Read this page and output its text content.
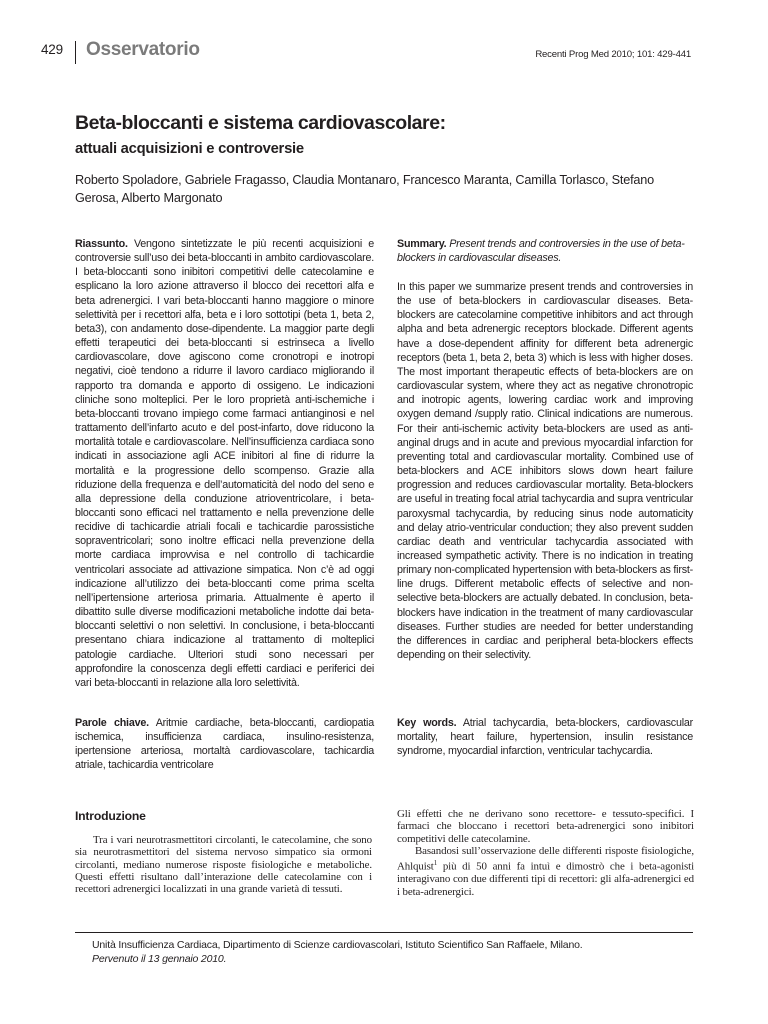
429 Osservatorio	Recenti Prog Med 2010; 101: 429-441
Beta-bloccanti e sistema cardiovascolare:
attuali acquisizioni e controversie
Roberto Spoladore, Gabriele Fragasso, Claudia Montanaro, Francesco Maranta, Camilla Torlasco, Stefano Gerosa, Alberto Margonato
Riassunto. Vengono sintetizzate le più recenti acquisizioni e controversie sull’uso dei beta-bloccanti in ambito cardiovascolare. I beta-bloccanti sono inibitori competitivi delle catecolamine e esplicano la loro azione attraverso il blocco dei recettori alfa e beta adrenergici. I vari beta-bloccanti hanno maggiore o minore selettività per i recettori alfa, beta e i loro sottotipi (beta 1, beta 2, beta3), con andamento dose-dipendente. La maggior parte degli effetti terapeutici dei beta-bloccanti si estrinseca a livello cardiovascolare, dove agiscono come cronotropi e inotropi negativi, cioè tendono a ridurre il lavoro cardiaco migliorando il rapporto tra domanda e apporto di ossigeno. Le indicazioni cliniche sono molteplici. Per le loro proprietà anti-ischemiche i beta-bloccanti trovano impiego come farmaci antianginosi e nel trattamento dell’infarto acuto e del post-infarto, dove riducono la mortalità totale e cardiovascolare. Nell’insufficienza cardiaca sono indicati in associazione agli ACE inibitori al fine di ridurre la mortalità e la progressione dello scompenso. Grazie alla riduzione della frequenza e dell’automaticità del nodo del seno e alla depressione della conduzione atrioventricolare, i beta-bloccanti sono efficaci nel trattamento e nella prevenzione delle recidive di tachicardie atriali focali e tachicardie parossistiche sopraventricolari; sono inoltre efficaci nella prevenzione della morte cardiaca improvvisa e nel controllo di tachicardie ventricolari associate ad attivazione simpatica. Non c’è ad oggi indicazione all’utilizzo dei beta-bloccanti come prima scelta nell’ipertensione arteriosa primaria. Attualmente è aperto il dibattito sulle diverse modificazioni metaboliche indotte dai beta-bloccanti selettivi o non selettivi. In conclusione, i beta-bloccanti presentano chiara indicazione al trattamento di molteplici patologie cardiache. Ulteriori studi sono necessari per approfondire la conoscenza degli effetti cardiaci e periferici dei vari beta-bloccanti in relazione alla loro selettività.
Summary. Present trends and controversies in the use of beta-blockers in cardiovascular diseases.
In this paper we summarize present trends and controversies in the use of beta-blockers in cardiovascular diseases. Beta-blockers are catecolamine competitive inhibitors and act through alpha and beta adrenergic receptors blockade. Different agents have a dose-dependent affinity for different beta adrenergic receptors (beta 1, beta 2, beta 3) which is less with higher doses. The most important therapeutic effects of beta-blockers are on cardiovascular system, where they act as negative chronotropic and inotropic agents, lowering cardiac work and improving oxygen demand /supply ratio. Clinical indications are numerous. For their anti-ischemic activity beta-blockers are used as anti-anginal drugs and in acute and previous myocardial infarction for preventing total and cardiovascular mortality. Combined use of beta-blockers and ACE inhibitors slows down heart failure progression and reduces cardiovascular mortality. Beta-blockers are useful in treating focal atrial tachycardia and supra ventricular paroxysmal tachycardia, by reducing sinus node automaticity and delay atrio-ventricular conduction; they also prevent sudden cardiac death and ventricular tachycardia associated with increased sympathetic activity. There is no indication in treating primary non-complicated hypertension with beta-blockers as first-line drugs. Different metabolic effects of selective and non-selective beta-blockers are actually debated. In conclusion, beta-blockers have indication in the treatment of many cardiovascular diseases. Further studies are needed for better understanding the differences in cardiac and peripheral beta-blockers effects depending on their selectivity.
Parole chiave. Aritmie cardiache, beta-bloccanti, cardiopatia ischemica, insufficienza cardiaca, insulino-resistenza, ipertensione arteriosa, mortaltà cardiovascolare, tachicardia atriale, tachicardia ventricolare
Key words. Atrial tachycardia, beta-blockers, cardiovascular mortality, heart failure, hypertension, insulin resistance syndrome, myocardial infarction, ventricular tachycardia.
Introduzione
Tra i vari neurotrasmettitori circolanti, le catecolamine, che sono sia neurotrasmettitori del sistema nervoso simpatico sia ormoni circolanti, mediano numerose risposte fisiologiche e metaboliche. Questi effetti risultano dall’interazione delle catecolamine con i recettori adrenergici localizzati in una grande varietà di tessuti.

Gli effetti che ne derivano sono recettore- e tessuto-specifici. I farmaci che bloccano i recettori beta-adrenergici sono inibitori competitivi delle catecolamine.

Basandosi sull’osservazione delle differenti risposte fisiologiche, Ahlquist$^1$ più di 50 anni fa intuì e dimostrò che i beta-agonisti interagivano con due differenti tipi di recettori: gli alfa-adrenergici ed i beta-adrenergici.

Unità Insufficienza Cardiaca, Dipartimento di Scienze cardiovascolari, Istituto Scientifico San Raffaele, Milano.
Pervenuto il 13 gennaio 2010.
